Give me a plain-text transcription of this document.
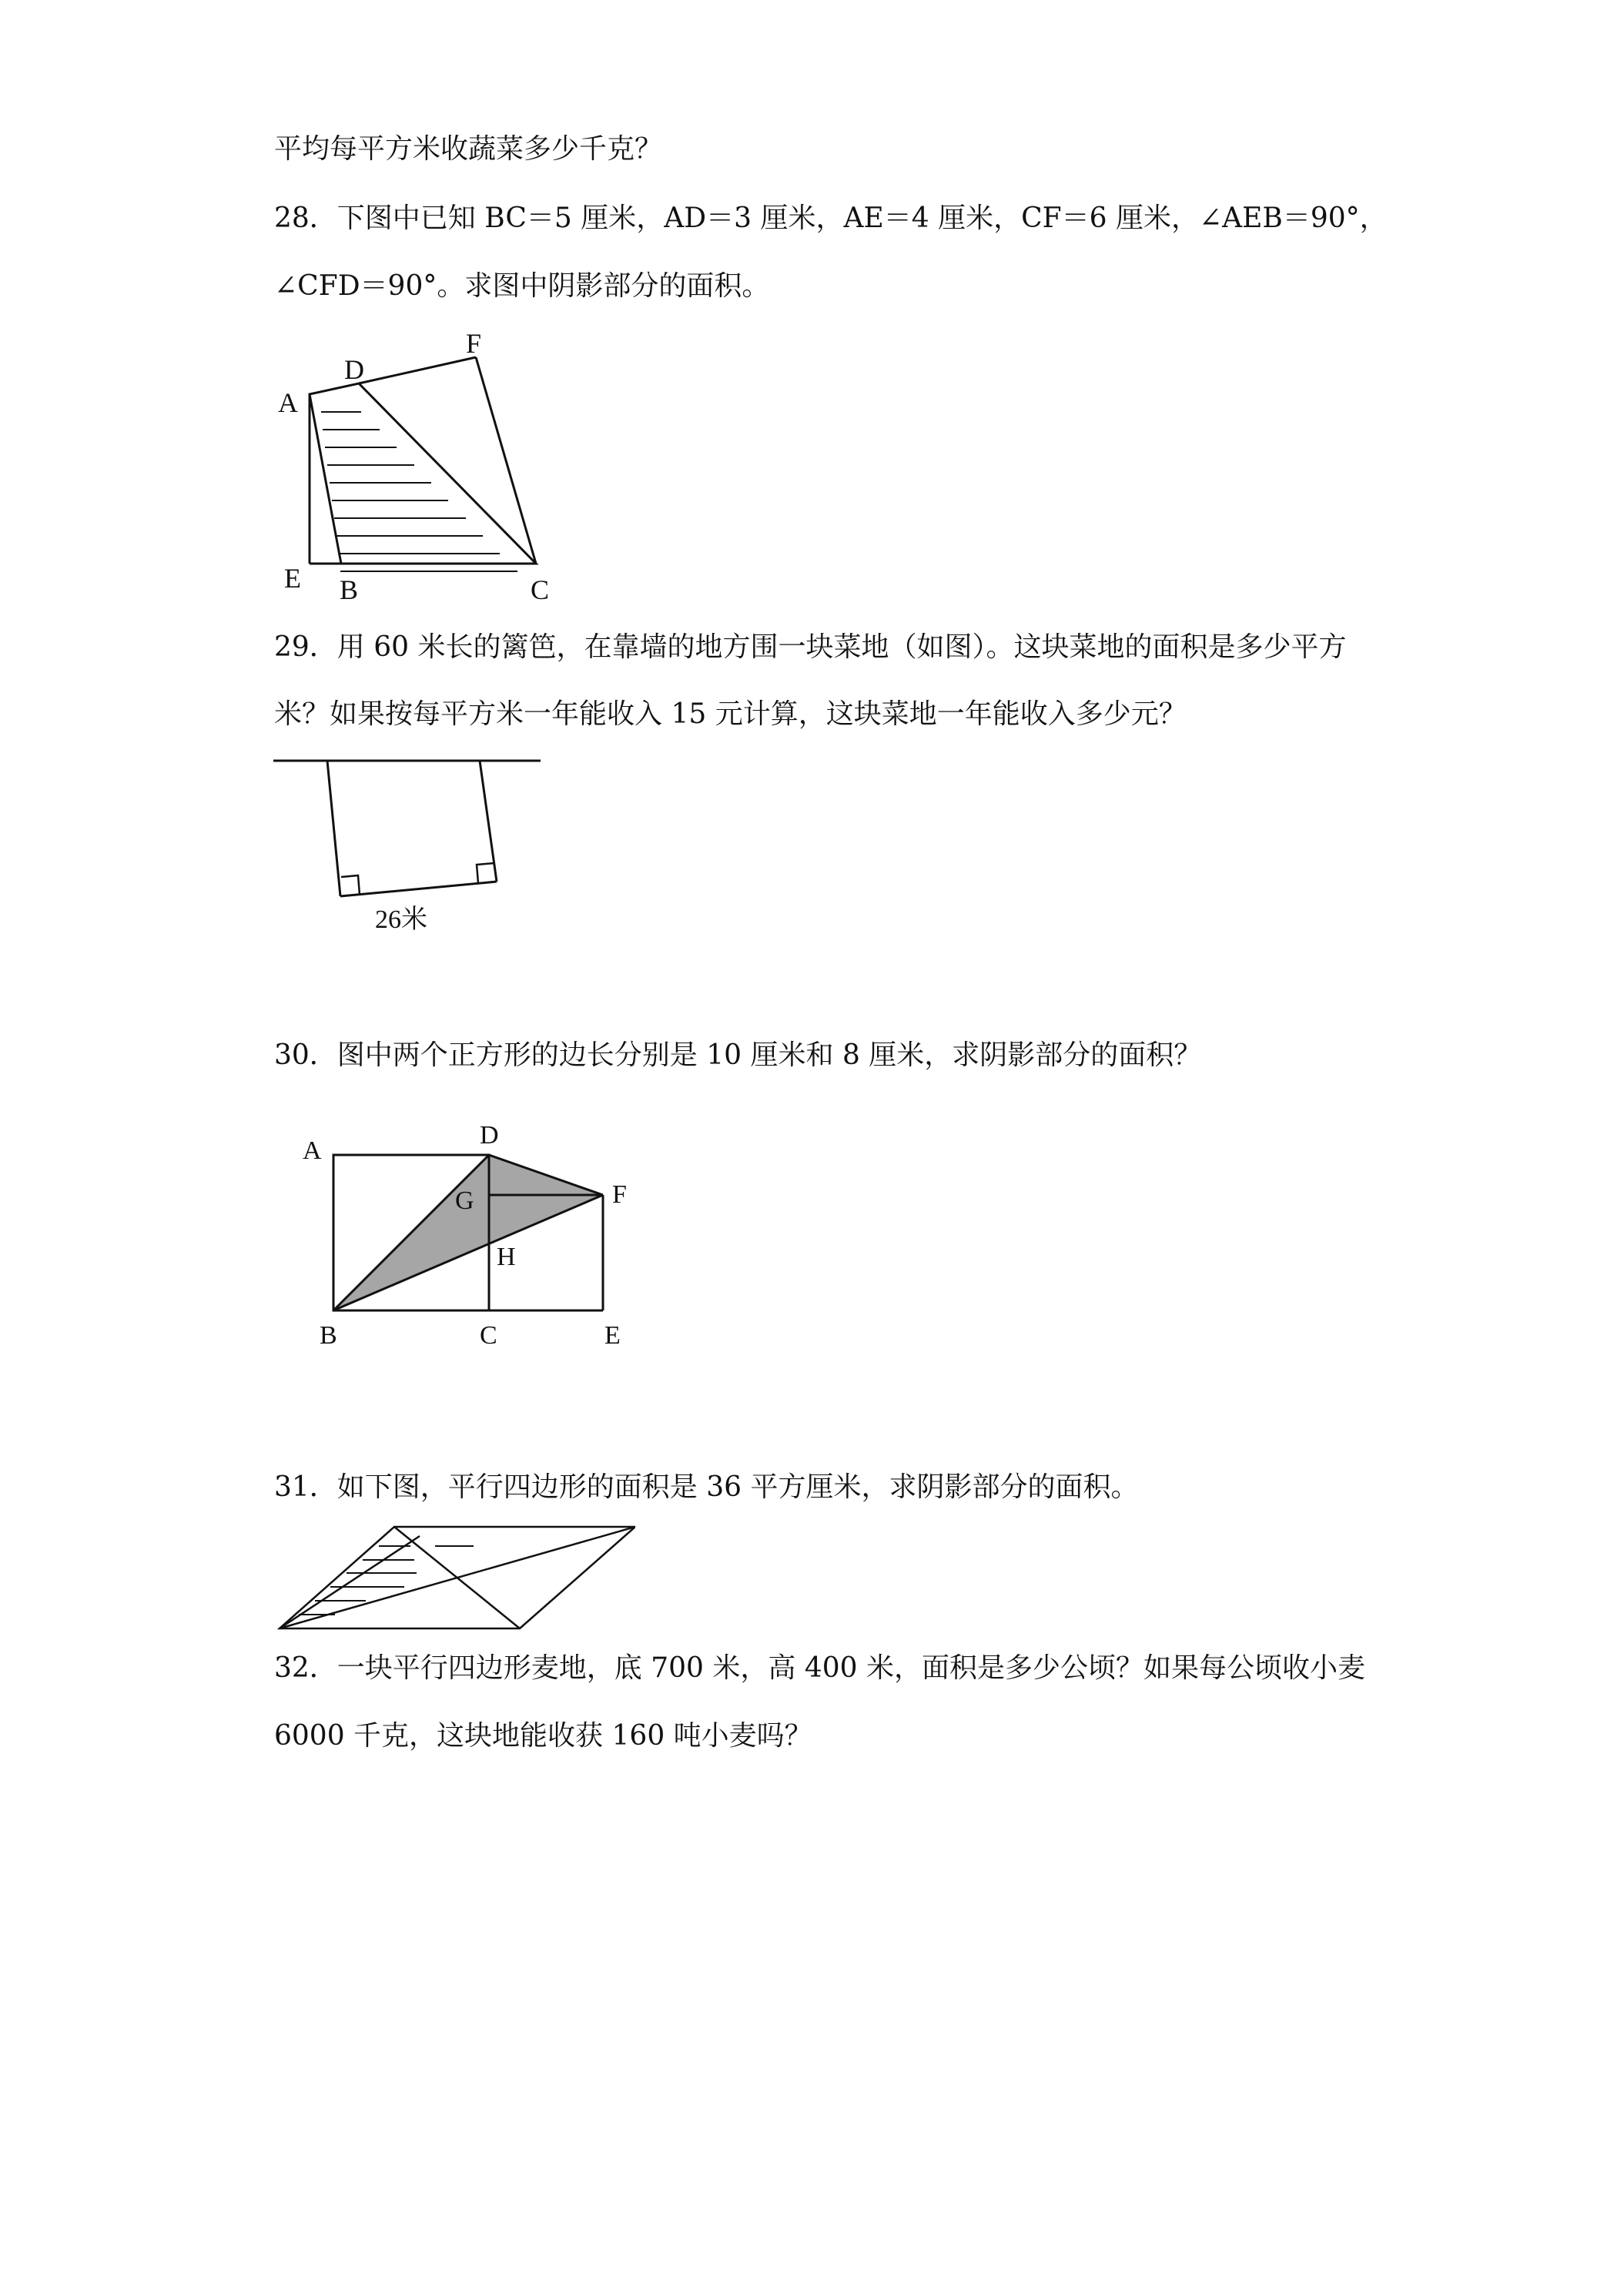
平均每平方米收蔬菜多少千克？
28．下图中已知 BC＝5 厘米，AD＝3 厘米，AE＝4 厘米，CF＝6 厘米，∠AEB＝90°，
∠CFD＝90°。求图中阴影部分的面积。
A
D
F
E B	C
29．用 60 米长的篱笆，在靠墙的地方围一块菜地（如图）。这块菜地的面积是多少平方
米？如果按每平方米一年能收入 15 元计算，这块菜地一年能收入多少元？
26米
30．图中两个正方形的边长分别是 10 厘米和 8 厘米，求阴影部分的面积？
A
D
G	F
H
B	C	E
31．如下图，平行四边形的面积是 36 平方厘米，求阴影部分的面积。
32．一块平行四边形麦地，底 700 米，高 400 米，面积是多少公顷？如果每公顷收小麦
6000 千克，这块地能收获 160 吨小麦吗？
